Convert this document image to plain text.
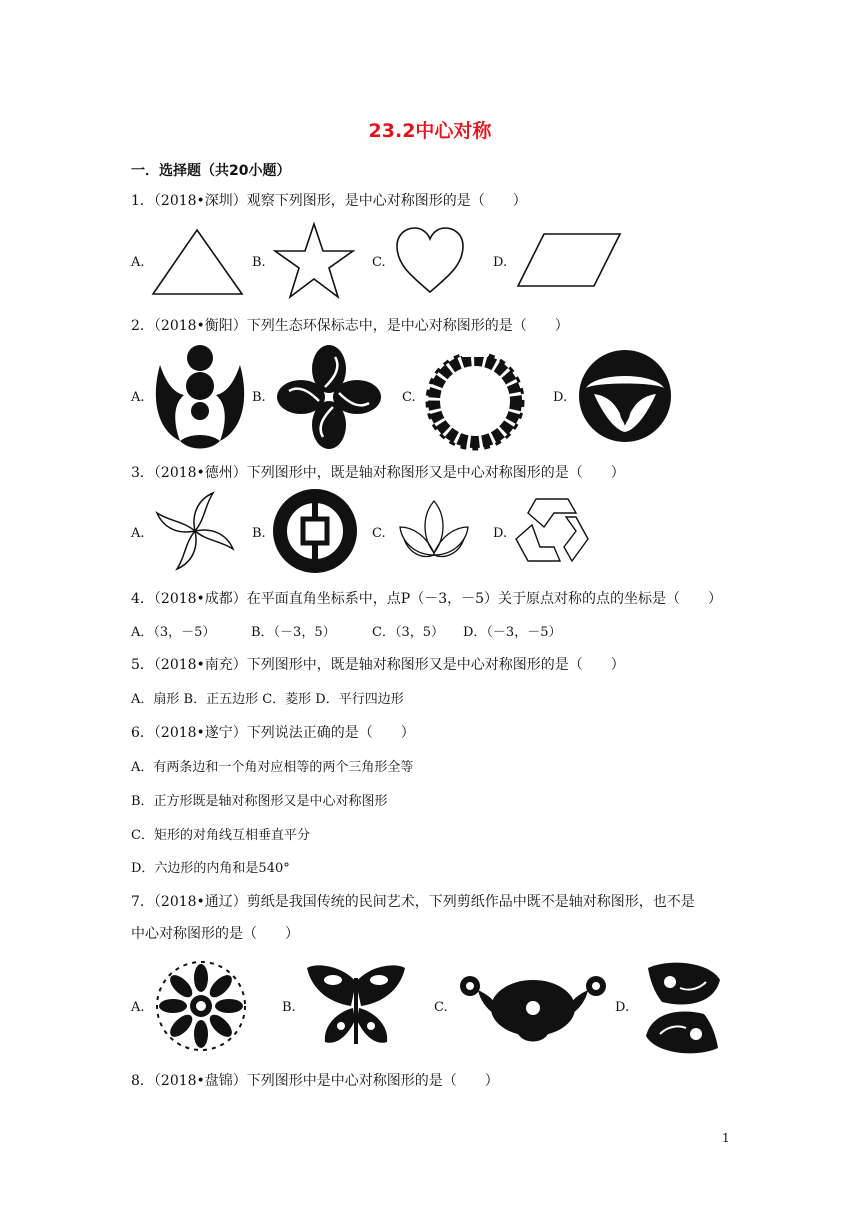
23.2中心对称
一．选择题（共20小题）
1．（2018•深圳）观察下列图形，是中心对称图形的是（　　）
A.	B.	C.	D.
2．（2018•衡阳）下列生态环保标志中，是中心对称图形的是（　　）
A.	B.	C.	D.
3．（2018•德州）下列图形中，既是轴对称图形又是中心对称图形的是（　　）
A.	B.	C.	D.
4．（2018•成都）在平面直角坐标系中，点P（－3，－5）关于原点对称的点的坐标是（　　）
A．（3，－5）	B．（－3，5）	C．（3，5） D．（－3，－5）
5．（2018•南充）下列图形中，既是轴对称图形又是中心对称图形的是（　　）
A．扇形 B．正五边形 C．菱形 D．平行四边形
6．（2018•遂宁）下列说法正确的是（　　）
A．有两条边和一个角对应相等的两个三角形全等
B．正方形既是轴对称图形又是中心对称图形
C．矩形的对角线互相垂直平分
D．六边形的内角和是540°
7．（2018•通辽）剪纸是我国传统的民间艺术，下列剪纸作品中既不是轴对称图形，也不是
中心对称图形的是（　　）
A.	B.	C.	D.
8．（2018•盘锦）下列图形中是中心对称图形的是（　　）
1
